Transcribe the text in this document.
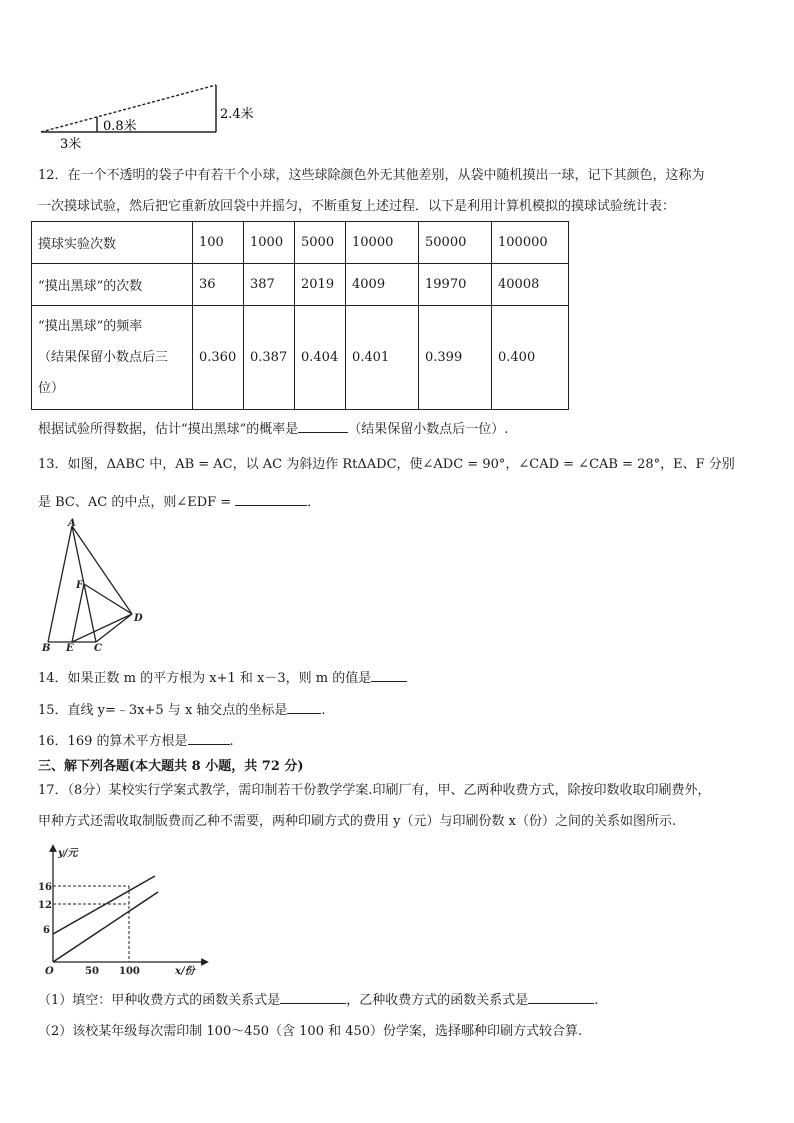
2.4米
0.8米
3米
12．在一个不透明的袋子中有若干个小球，这些球除颜色外无其他差别，从袋中随机摸出一球，记下其颜色，这称为
一次摸球试验，然后把它重新放回袋中并摇匀，不断重复上述过程．以下是利用计算机模拟的摸球试验统计表：
摸球实验次数	100	1000	5000	10000	50000	100000
“摸出黑球”的次数	36	387	2019	4009	19970	40008

“摸出黑球”的频率
（结果保留小数点后三
位）	0.360	0.387	0.404	0.401	0.399	0.400
根据试验所得数据，估计“摸出黑球”的概率是	（结果保留小数点后一位）.
13．如图，ΔABC 中，AB = AC，以 AC 为斜边作 RtΔADC，使∠ADC = 90°，∠CAD = ∠CAB = 28°，E、F 分别
是 BC、AC 的中点，则∠EDF =	．
A
F
D
B E C
14．如果正数 m 的平方根为 x+1 和 x－3，则 m 的值是
15．直线 y=﹣3x+5 与 x 轴交点的坐标是	.
16．169 的算术平方根是	.
三、解下列各题(本大题共 8 小题，共 72 分)
17．（8分）某校实行学案式教学，需印制若干份教学学案.印刷厂有，甲、乙两种收费方式，除按印数收取印刷费外，
甲种方式还需收取制版费而乙种不需要，两种印刷方式的费用 y（元）与印刷份数 x（份）之间的关系如图所示.
y/元
16
12
6
O	50 100	x/份
（1）填空：甲种收费方式的函数关系式是	，乙种收费方式的函数关系式是	.
（2）该校某年级每次需印制 100～450（含 100 和 450）份学案，选择哪种印刷方式较合算.
